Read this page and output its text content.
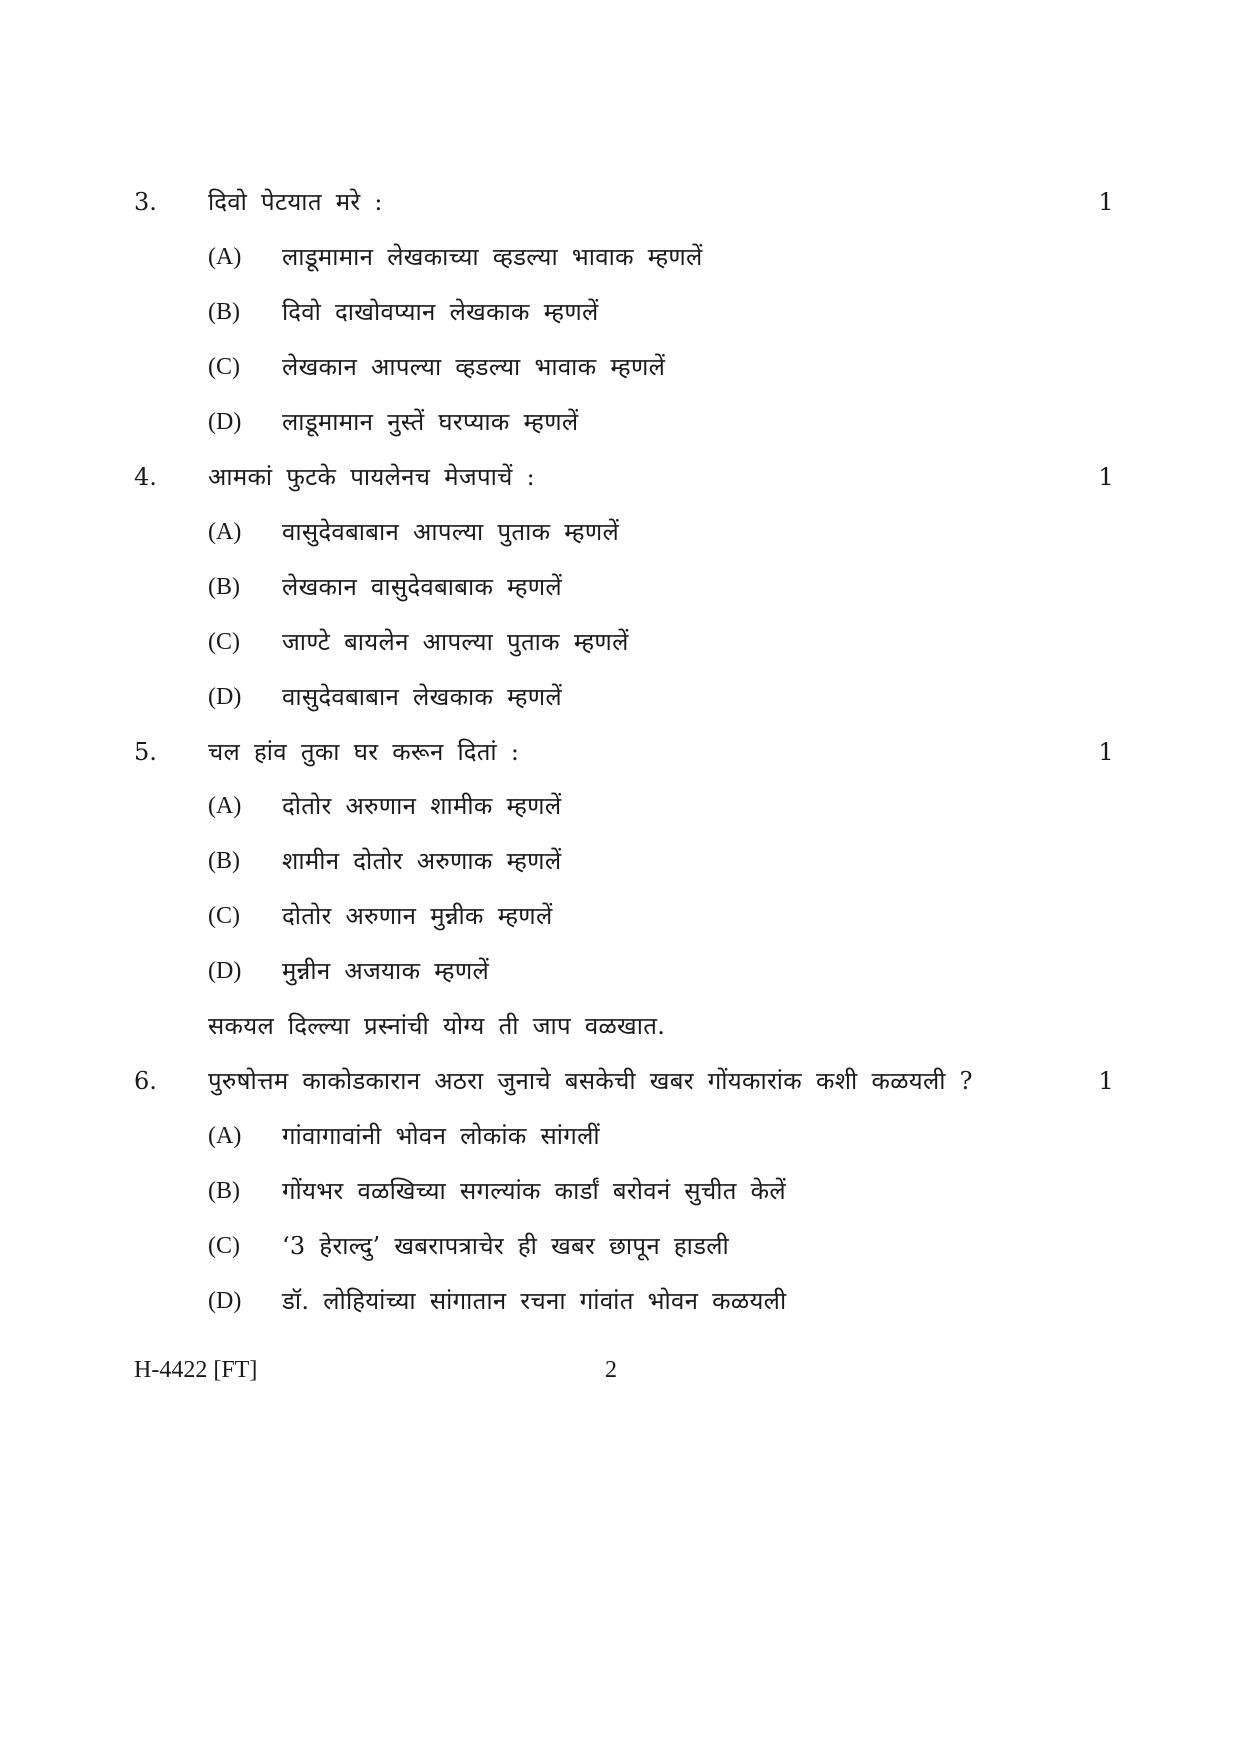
3. दिवो पेटयात मरे :	1
(A) लाडूमामान लेखकाच्या व्हडल्या भावाक म्हणलें
(B) दिवो दाखोवप्यान लेखकाक म्हणलें
(C) लेखकान आपल्या व्हडल्या भावाक म्हणलें
(D) लाडूमामान नुस्तें घरप्याक म्हणलें
4. आमकां फुटके पायलेनच मेजपाचें :	1
(A) वासुदेवबाबान आपल्या पुताक म्हणलें
(B) लेखकान वासुदेवबाबाक म्हणलें
(C) जाण्टे बायलेन आपल्या पुताक म्हणलें
(D) वासुदेवबाबान लेखकाक म्हणलें
5. चल हांव तुका घर करून दितां :	1
(A) दोतोर अरुणान शामीक म्हणलें
(B) शामीन दोतोर अरुणाक म्हणलें
(C) दोतोर अरुणान मुन्नीक म्हणलें
(D) मुन्नीन अजयाक म्हणलें
सकयल दिल्ल्या प्रस्नांची योग्य ती जाप वळखात.
6. पुरुषोत्तम काकोडकारान अठरा जुनाचे बसकेची खबर गोंयकारांक कशी कळयली ?	1
(A) गांवागावांनी भोवन लोकांक सांगलीं
(B) गोंयभर वळखिच्या सगल्यांक कार्डां बरोवनं सुचीत केलें
(C) ‘3 हेराल्दु’ खबरापत्राचेर ही खबर छापून हाडली
(D) डॉ. लोहियांच्या सांगातान रचना गांवांत भोवन कळयली
H-4422 [FT]	2
